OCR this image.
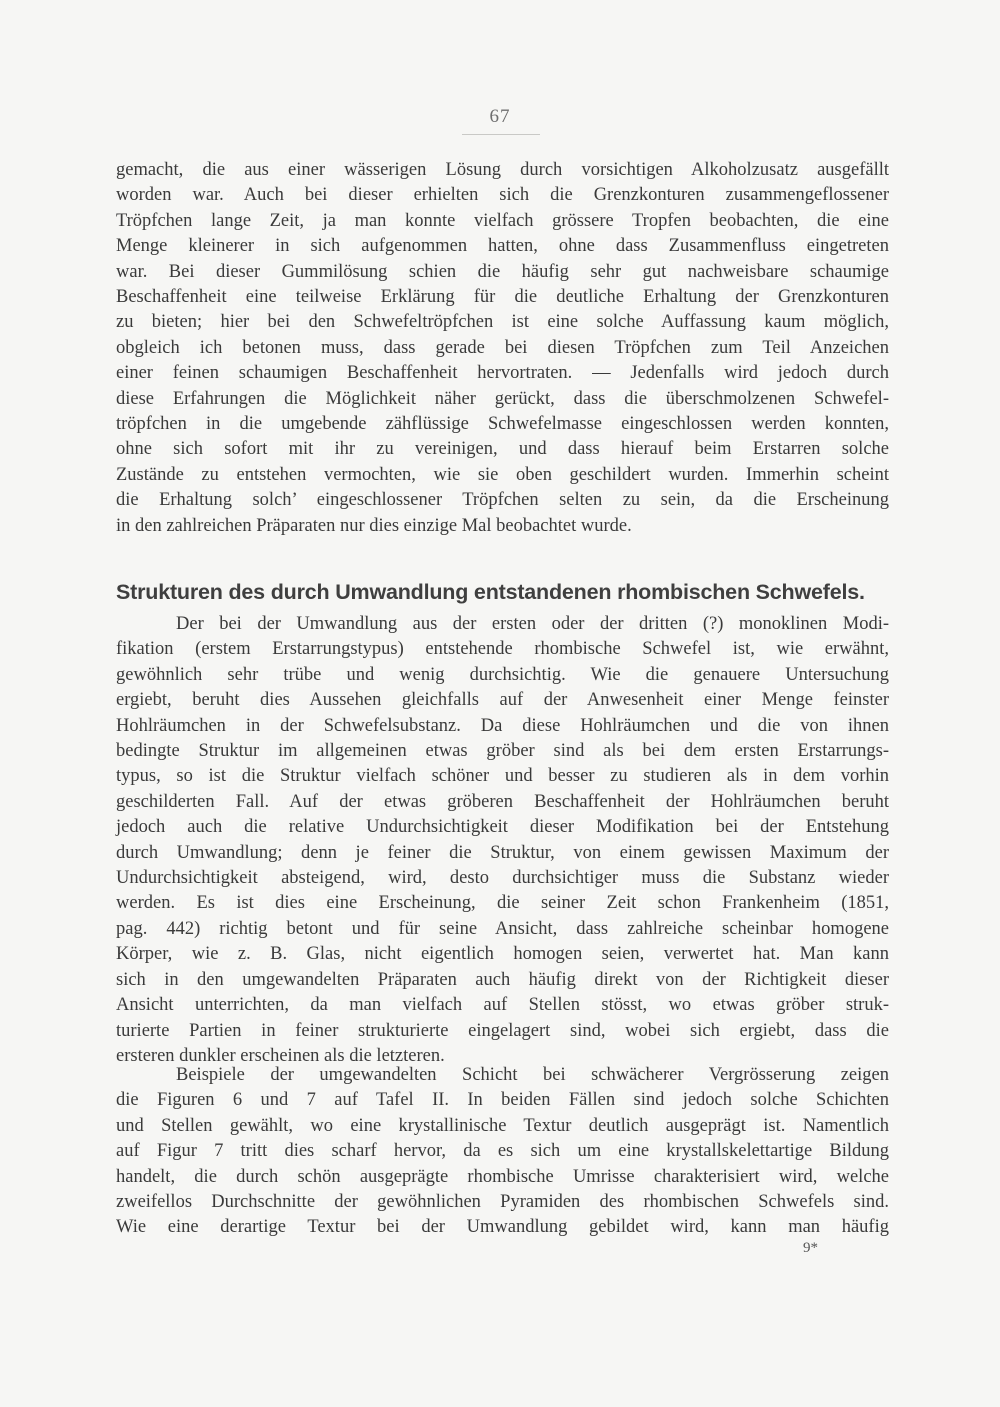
67
gemacht, die aus einer wässerigen Lösung durch vorsichtigen Alkoholzusatz ausgefällt
worden war. Auch bei dieser erhielten sich die Grenzkonturen zusammengeflossener
Tröpfchen lange Zeit, ja man konnte vielfach grössere Tropfen beobachten, die eine
Menge kleinerer in sich aufgenommen hatten, ohne dass Zusammenfluss eingetreten
war. Bei dieser Gummilösung schien die häufig sehr gut nachweisbare schaumige
Beschaffenheit eine teilweise Erklärung für die deutliche Erhaltung der Grenzkonturen
zu bieten; hier bei den Schwefeltröpfchen ist eine solche Auffassung kaum möglich,
obgleich ich betonen muss, dass gerade bei diesen Tröpfchen zum Teil Anzeichen
einer feinen schaumigen Beschaffenheit hervortraten. — Jedenfalls wird jedoch durch
diese Erfahrungen die Möglichkeit näher gerückt, dass die überschmolzenen Schwefel-
tröpfchen in die umgebende zähflüssige Schwefelmasse eingeschlossen werden konnten,
ohne sich sofort mit ihr zu vereinigen, und dass hierauf beim Erstarren solche
Zustände zu entstehen vermochten, wie sie oben geschildert wurden. Immerhin scheint
die Erhaltung solch’ eingeschlossener Tröpfchen selten zu sein, da die Erscheinung
in den zahlreichen Präparaten nur dies einzige Mal beobachtet wurde.
Strukturen des durch Umwandlung entstandenen rhombischen Schwefels.
Der bei der Umwandlung aus der ersten oder der dritten (?) monoklinen Modi-
fikation (erstem Erstarrungstypus) entstehende rhombische Schwefel ist, wie erwähnt,
gewöhnlich sehr trübe und wenig durchsichtig. Wie die genauere Untersuchung
ergiebt, beruht dies Aussehen gleichfalls auf der Anwesenheit einer Menge feinster
Hohlräumchen in der Schwefelsubstanz. Da diese Hohlräumchen und die von ihnen
bedingte Struktur im allgemeinen etwas gröber sind als bei dem ersten Erstarrungs-
typus, so ist die Struktur vielfach schöner und besser zu studieren als in dem vorhin
geschilderten Fall. Auf der etwas gröberen Beschaffenheit der Hohlräumchen beruht
jedoch auch die relative Undurchsichtigkeit dieser Modifikation bei der Entstehung
durch Umwandlung; denn je feiner die Struktur, von einem gewissen Maximum der
Undurchsichtigkeit absteigend, wird, desto durchsichtiger muss die Substanz wieder
werden. Es ist dies eine Erscheinung, die seiner Zeit schon Frankenheim (1851,
pag. 442) richtig betont und für seine Ansicht, dass zahlreiche scheinbar homogene
Körper, wie z. B. Glas, nicht eigentlich homogen seien, verwertet hat. Man kann
sich in den umgewandelten Präparaten auch häufig direkt von der Richtigkeit dieser
Ansicht unterrichten, da man vielfach auf Stellen stösst, wo etwas gröber struk-
turierte Partien in feiner strukturierte eingelagert sind, wobei sich ergiebt, dass die
ersteren dunkler erscheinen als die letzteren.
Beispiele der umgewandelten Schicht bei schwächerer Vergrösserung zeigen
die Figuren 6 und 7 auf Tafel II. In beiden Fällen sind jedoch solche Schichten
und Stellen gewählt, wo eine krystallinische Textur deutlich ausgeprägt ist. Namentlich
auf Figur 7 tritt dies scharf hervor, da es sich um eine krystallskelettartige Bildung
handelt, die durch schön ausgeprägte rhombische Umrisse charakterisiert wird, welche
zweifellos Durchschnitte der gewöhnlichen Pyramiden des rhombischen Schwefels sind.
Wie eine derartige Textur bei der Umwandlung gebildet wird, kann man häufig
9*
